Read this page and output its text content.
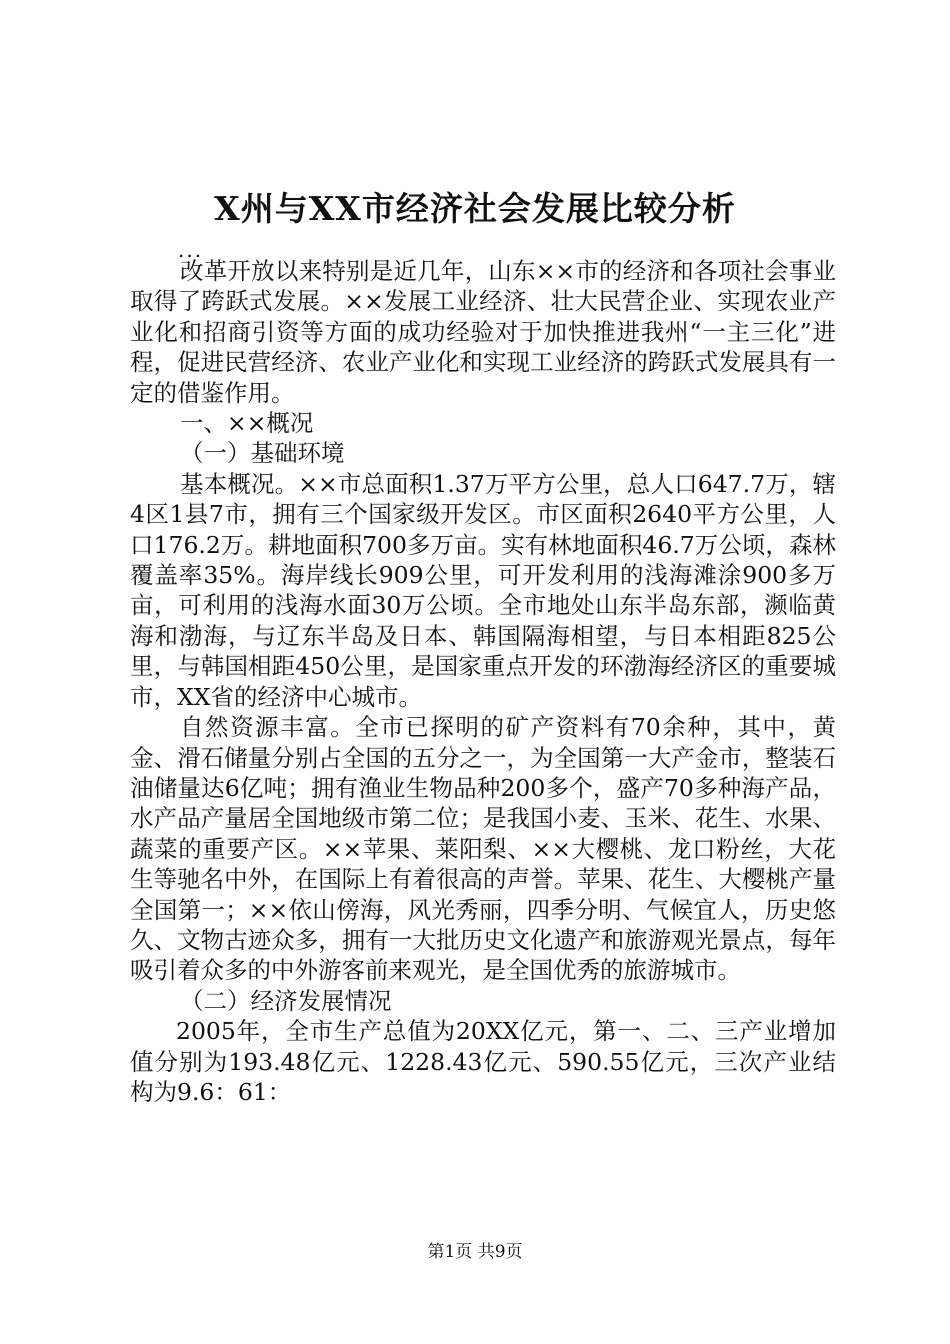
X州与XX市经济社会发展比较分析
...

改革开放以来特别是近几年，山东××市的经济和各项社会事业取得了跨跃式发展。××发展工业经济、壮大民营企业、实现农业产业化和招商引资等方面的成功经验对于加快推进我州“一主三化”进程，促进民营经济、农业产业化和实现工业经济的跨跃式发展具有一定的借鉴作用。

一、××概况

（一）基础环境

基本概况。××市总面积1.37万平方公里，总人口647.7万，辖4区1县7市，拥有三个国家级开发区。市区面积2640平方公里，人口176.2万。耕地面积700多万亩。实有林地面积46.7万公顷，森林覆盖率35%。海岸线长909公里，可开发利用的浅海滩涂900多万亩，可利用的浅海水面30万公顷。全市地处山东半岛东部，濒临黄海和渤海，与辽东半岛及日本、韩国隔海相望，与日本相距825公里，与韩国相距450公里，是国家重点开发的环渤海经济区的重要城市，XX省的经济中心城市。

自然资源丰富。全市已探明的矿产资料有70余种，其中，黄金、滑石储量分别占全国的五分之一，为全国第一大产金市，整装石油储量达6亿吨；拥有渔业生物品种200多个，盛产70多种海产品，水产品产量居全国地级市第二位；是我国小麦、玉米、花生、水果、蔬菜的重要产区。××苹果、莱阳梨、××大樱桃、龙口粉丝，大花生等驰名中外，在国际上有着很高的声誉。苹果、花生、大樱桃产量全国第一；××依山傍海，风光秀丽，四季分明、气候宜人，历史悠久、文物古迹众多，拥有一大批历史文化遗产和旅游观光景点，每年吸引着众多的中外游客前来观光，是全国优秀的旅游城市。

（二）经济发展情况

2005年，全市生产总值为20XX亿元，第一、二、三产业增加值分别为193.48亿元、1228.43亿元、590.55亿元，三次产业结构为9.6：61：

第1页 共9页
